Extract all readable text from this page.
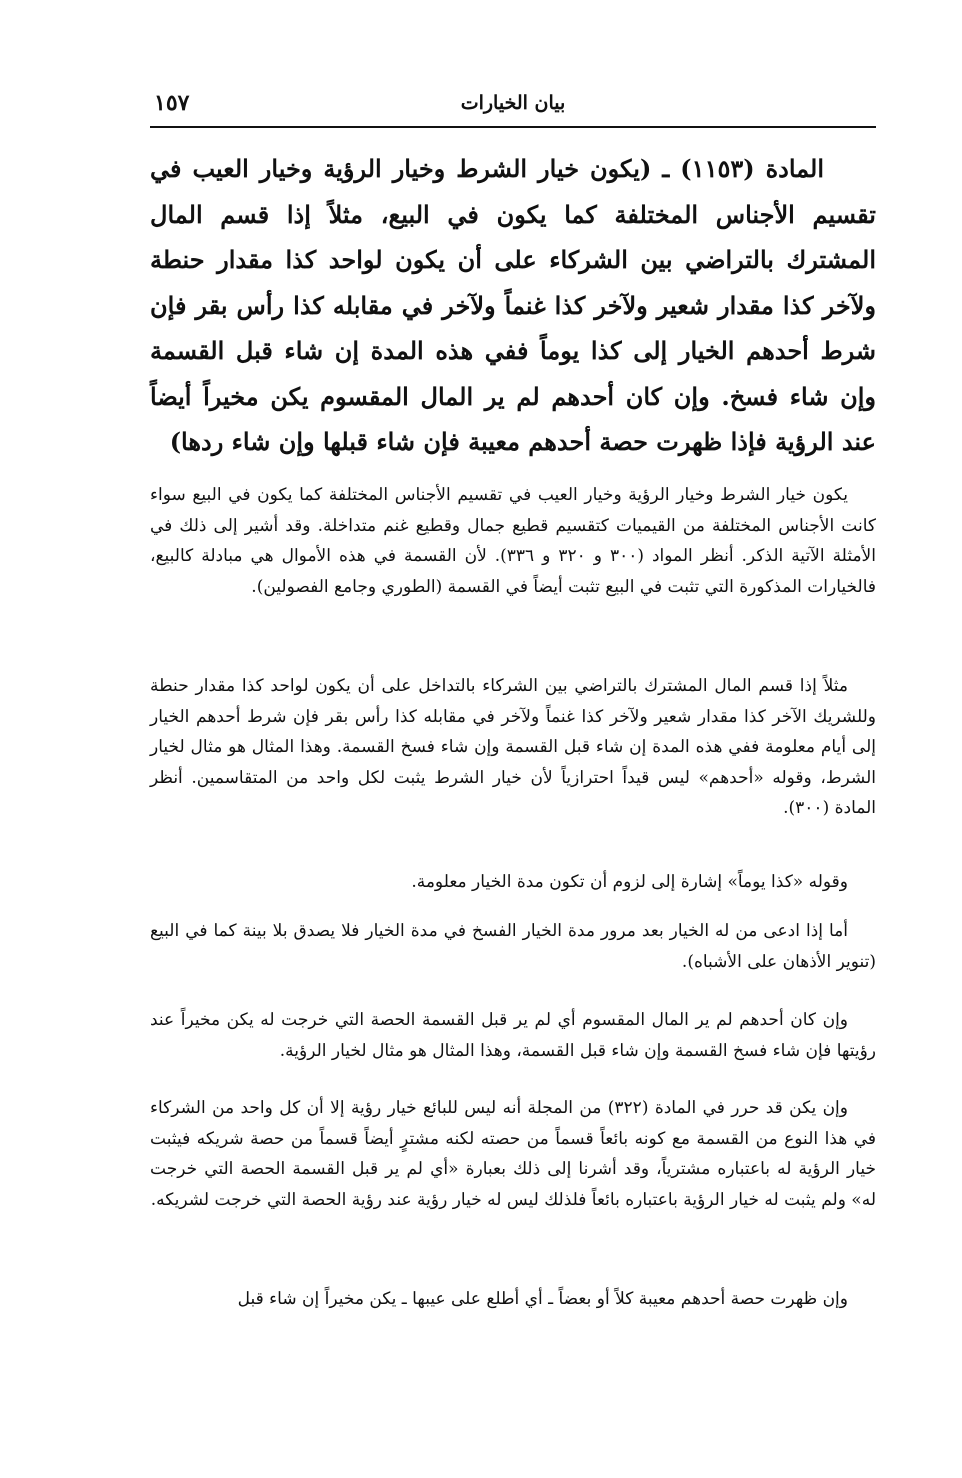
بيان الخيارات
١٥٧

المادة (١١٥٣) ـ (يكون خيار الشرط وخيار الرؤية وخيار العيب في تقسيم الأجناس المختلفة كما يكون في البيع، مثلاً إذا قسم المال المشترك بالتراضي بين الشركاء على أن يكون لواحد كذا مقدار حنطة ولآخر كذا مقدار شعير ولآخر كذا غنماً ولآخر في مقابله كذا رأس بقر فإن شرط أحدهم الخيار إلى كذا يوماً ففي هذه المدة إن شاء قبل القسمة وإن شاء فسخ. وإن كان أحدهم لم ير المال المقسوم يكن مخيراً أيضاً عند الرؤية فإذا ظهرت حصة أحدهم معيبة فإن شاء قبلها وإن شاء ردها)

يكون خيار الشرط وخيار الرؤية وخيار العيب في تقسيم الأجناس المختلفة كما يكون في البيع سواء كانت الأجناس المختلفة من القيميات كتقسيم قطيع جمال وقطيع غنم متداخلة. وقد أشير إلى ذلك في الأمثلة الآتية الذكر. أنظر المواد (٣٠٠ و ٣٢٠ و ٣٣٦). لأن القسمة في هذه الأموال هي مبادلة كالبيع، فالخيارات المذكورة التي تثبت في البيع تثبت أيضاً في القسمة (الطوري وجامع الفصولين).

مثلاً إذا قسم المال المشترك بالتراضي بين الشركاء بالتداخل على أن يكون لواحد كذا مقدار حنطة وللشريك الآخر كذا مقدار شعير ولآخر كذا غنماً ولآخر في مقابله كذا رأس بقر فإن شرط أحدهم الخيار إلى أيام معلومة ففي هذه المدة إن شاء قبل القسمة وإن شاء فسخ القسمة. وهذا المثال هو مثال لخيار الشرط، وقوله «أحدهم» ليس قيداً احترازياً لأن خيار الشرط يثبت لكل واحد من المتقاسمين. أنظر المادة (٣٠٠).

وقوله «كذا يوماً» إشارة إلى لزوم أن تكون مدة الخيار معلومة.

أما إذا ادعى من له الخيار بعد مرور مدة الخيار الفسخ في مدة الخيار فلا يصدق بلا بينة كما في البيع (تنوير الأذهان على الأشباه).

وإن كان أحدهم لم ير المال المقسوم أي لم ير قبل القسمة الحصة التي خرجت له يكن مخيراً عند رؤيتها فإن شاء فسخ القسمة وإن شاء قبل القسمة، وهذا المثال هو مثال لخيار الرؤية.

وإن يكن قد حرر في المادة (٣٢٢) من المجلة أنه ليس للبائع خيار رؤية إلا أن كل واحد من الشركاء في هذا النوع من القسمة مع كونه بائعاً قسماً من حصته لكنه مشترٍ أيضاً قسماً من حصة شريكه فيثبت خيار الرؤية له باعتباره مشترياً، وقد أشرنا إلى ذلك بعبارة «أي لم ير قبل القسمة الحصة التي خرجت له» ولم يثبت له خيار الرؤية باعتباره بائعاً فلذلك ليس له خيار رؤية عند رؤية الحصة التي خرجت لشريكه.

وإن ظهرت حصة أحدهم معيبة كلاً أو بعضاً ـ أي أطلع على عيبها ـ يكن مخيراً إن شاء قبل
